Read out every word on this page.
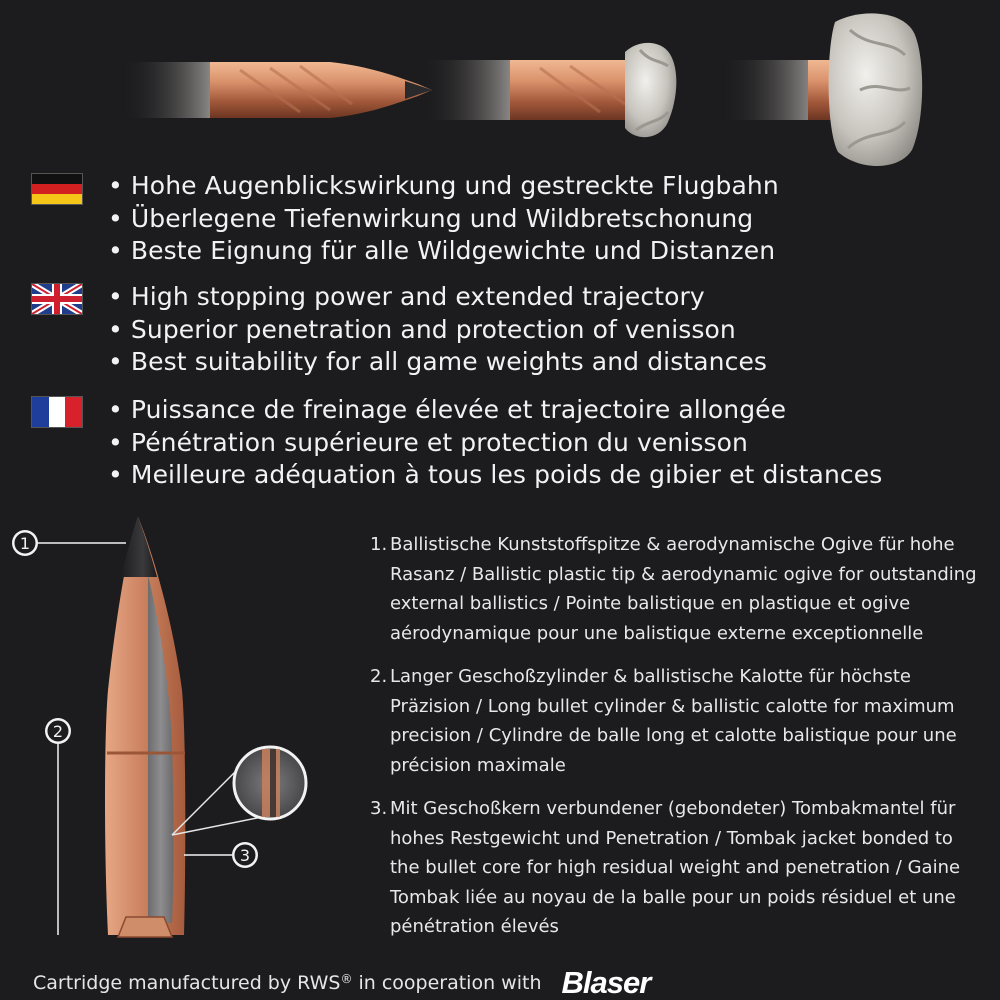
• Hohe Augenblickswirkung und gestreckte Flugbahn
• Überlegene Tiefenwirkung und Wildbretschonung
• Beste Eignung für alle Wildgewichte und Distanzen
• High stopping power and extended trajectory
• Superior penetration and protection of venisson
• Best suitability for all game weights and distances
• Puissance de freinage élevée et trajectoire allongée
• Pénétration supérieure et protection du venisson
• Meilleure adéquation à tous les poids de gibier et distances
1
2
3
1. Ballistische Kunststoffspitze & aerodynamische Ogive für hohe Rasanz / Ballistic plastic tip & aerodynamic ogive for outstanding external ballistics / Pointe balistique en plastique et ogive aérodynamique pour une balistique externe exceptionnelle
2. Langer Geschoßzylinder & ballistische Kalotte für höchste Präzision / Long bullet cylinder & ballistic calotte for maximum precision / Cylindre de balle long et calotte balistique pour une précision maximale
3. Mit Geschoßkern verbundener (gebondeter) Tombakmantel für hohes Restgewicht und Penetration / Tombak jacket bonded to the bullet core for high residual weight and penetration / Gaine Tombak liée au noyau de la balle pour un poids résiduel et une pénétration élevés
Cartridge manufactured by RWS® in cooperation with Blaser
